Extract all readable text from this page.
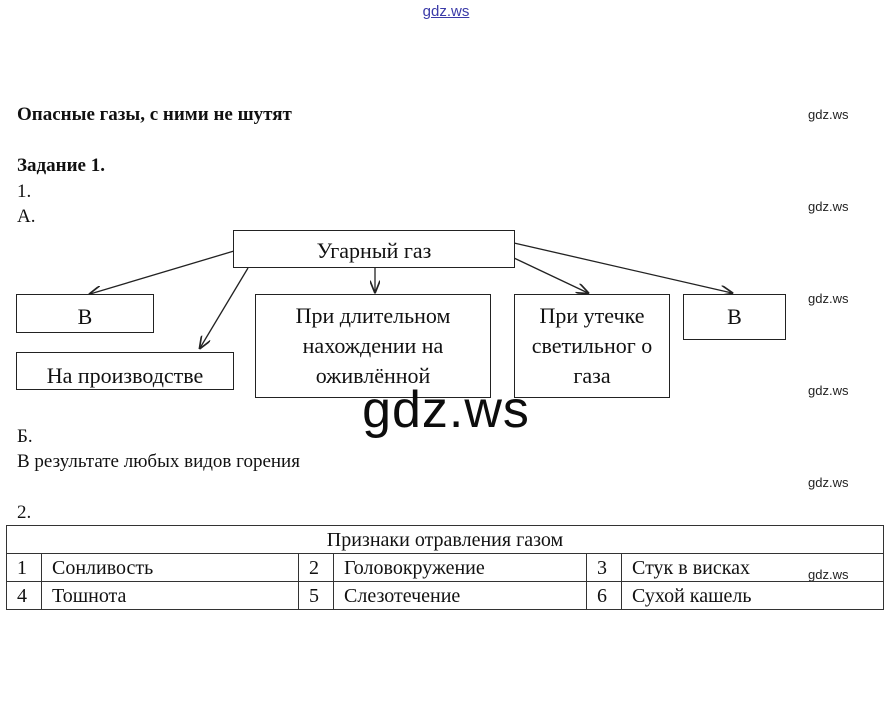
gdz.ws
gdz.ws
gdz.ws
gdz.ws
gdz.ws
gdz.ws
gdz.ws
Опасные газы, с ними не шутят
Задание 1.
1.
А.
Угарный газ
В	При длительном нахождении на оживлённой
При утечке светильног о газа
В
На производстве
gdz.ws
Б.
В результате любых видов горения
2.
Признаки отравления газом					
1	Сонливость	2	Головокружение	3	Стук в висках
4	Тошнота	5	Слезотечение	6	Сухой кашель
